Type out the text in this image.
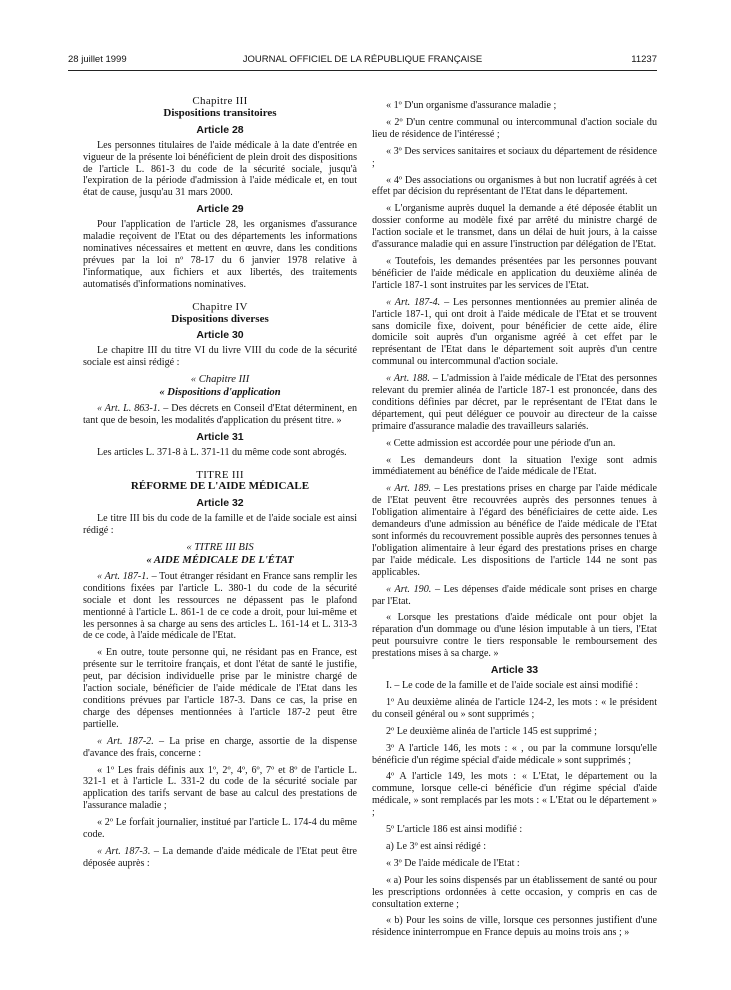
28 juillet 1999	JOURNAL OFFICIEL DE LA RÉPUBLIQUE FRANÇAISE	11237
Chapitre III
Dispositions transitoires
Article 28

Les personnes titulaires de l'aide médicale à la date d'entrée en vigueur de la présente loi bénéficient de plein droit des dispositions de l'article L. 861-3 du code de la sécurité sociale, jusqu'à l'expiration de la période d'admission à l'aide médicale et, en tout état de cause, jusqu'au 31 mars 2000.

Article 29

Pour l'application de l'article 28, les organismes d'assurance maladie reçoivent de l'Etat ou des départements les informations nominatives nécessaires et mettent en œuvre, dans les conditions prévues par la loi nº 78-17 du 6 janvier 1978 relative à l'informatique, aux fichiers et aux libertés, des traitements automatisés d'informations nominatives.

Chapitre IV
Dispositions diverses
Article 30

Le chapitre III du titre VI du livre VIII du code de la sécurité sociale est ainsi rédigé :

« Chapitre III
« Dispositions d'application

« Art. L. 863-1. – Des décrets en Conseil d'Etat déterminent, en tant que de besoin, les modalités d'application du présent titre. »

Article 31

Les articles L. 371-8 à L. 371-11 du même code sont abrogés.

TITRE III
RÉFORME DE L'AIDE MÉDICALE
Article 32

Le titre III bis du code de la famille et de l'aide sociale est ainsi rédigé :

« TITRE III BIS
« AIDE MÉDICALE DE L'ÉTAT

« Art. 187-1. – Tout étranger résidant en France sans remplir les conditions fixées par l'article L. 380-1 du code de la sécurité sociale et dont les ressources ne dépassent pas le plafond mentionné à l'article L. 861-1 de ce code a droit, pour lui-même et les personnes à sa charge au sens des articles L. 161-14 et L. 313-3 de ce code, à l'aide médicale de l'Etat.

« En outre, toute personne qui, ne résidant pas en France, est présente sur le territoire français, et dont l'état de santé le justifie, peut, par décision individuelle prise par le ministre chargé de l'action sociale, bénéficier de l'aide médicale de l'Etat dans les conditions prévues par l'article 187-3. Dans ce cas, la prise en charge des dépenses mentionnées à l'article 187-2 peut être partielle.

« Art. 187-2. – La prise en charge, assortie de la dispense d'avance des frais, concerne :

« 1º Les frais définis aux 1º, 2º, 4º, 6º, 7º et 8º de l'article L. 321-1 et à l'article L. 331-2 du code de la sécurité sociale par application des tarifs servant de base au calcul des prestations de l'assurance maladie ;

« 2º Le forfait journalier, institué par l'article L. 174-4 du même code.

« Art. 187-3. – La demande d'aide médicale de l'Etat peut être déposée auprès :

« 1º D'un organisme d'assurance maladie ;

« 2º D'un centre communal ou intercommunal d'action sociale du lieu de résidence de l'intéressé ;

« 3º Des services sanitaires et sociaux du département de résidence ;

« 4º Des associations ou organismes à but non lucratif agréés à cet effet par décision du représentant de l'Etat dans le département.

« L'organisme auprès duquel la demande a été déposée établit un dossier conforme au modèle fixé par arrêté du ministre chargé de l'action sociale et le transmet, dans un délai de huit jours, à la caisse d'assurance maladie qui en assure l'instruction par délégation de l'Etat.

« Toutefois, les demandes présentées par les personnes pouvant bénéficier de l'aide médicale en application du deuxième alinéa de l'article 187-1 sont instruites par les services de l'Etat.

« Art. 187-4. – Les personnes mentionnées au premier alinéa de l'article 187-1, qui ont droit à l'aide médicale de l'Etat et se trouvent sans domicile fixe, doivent, pour bénéficier de cette aide, élire domicile soit auprès d'un organisme agréé à cet effet par le représentant de l'Etat dans le département soit auprès d'un centre communal ou intercommunal d'action sociale.

« Art. 188. – L'admission à l'aide médicale de l'Etat des personnes relevant du premier alinéa de l'article 187-1 est prononcée, dans des conditions définies par décret, par le représentant de l'Etat dans le département, qui peut déléguer ce pouvoir au directeur de la caisse primaire d'assurance maladie des travailleurs salariés.

« Cette admission est accordée pour une période d'un an.

« Les demandeurs dont la situation l'exige sont admis immédiatement au bénéfice de l'aide médicale de l'Etat.

« Art. 189. – Les prestations prises en charge par l'aide médicale de l'Etat peuvent être recouvrées auprès des personnes tenues à l'obligation alimentaire à l'égard des bénéficiaires de cette aide. Les demandeurs d'une admission au bénéfice de l'aide médicale de l'Etat sont informés du recouvrement possible auprès des personnes tenues à l'obligation alimentaire à leur égard des prestations prises en charge par l'aide médicale. Les dispositions de l'article 144 ne sont pas applicables.

« Art. 190. – Les dépenses d'aide médicale sont prises en charge par l'Etat.

« Lorsque les prestations d'aide médicale ont pour objet la réparation d'un dommage ou d'une lésion imputable à un tiers, l'Etat peut poursuivre contre le tiers responsable le remboursement des prestations mises à sa charge. »

Article 33

I. – Le code de la famille et de l'aide sociale est ainsi modifié :

1º Au deuxième alinéa de l'article 124-2, les mots : « le président du conseil général ou » sont supprimés ;

2º Le deuxième alinéa de l'article 145 est supprimé ;

3º A l'article 146, les mots : « , ou par la commune lorsqu'elle bénéficie d'un régime spécial d'aide médicale » sont supprimés ;

4º A l'article 149, les mots : « L'Etat, le département ou la commune, lorsque celle-ci bénéficie d'un régime spécial d'aide médicale, » sont remplacés par les mots : « L'Etat ou le département » ;

5º L'article 186 est ainsi modifié :

a) Le 3º est ainsi rédigé :

« 3º De l'aide médicale de l'Etat :

« a) Pour les soins dispensés par un établissement de santé ou pour les prescriptions ordonnées à cette occasion, y compris en cas de consultation externe ;

« b) Pour les soins de ville, lorsque ces personnes justifient d'une résidence ininterrompue en France depuis au moins trois ans ; »
